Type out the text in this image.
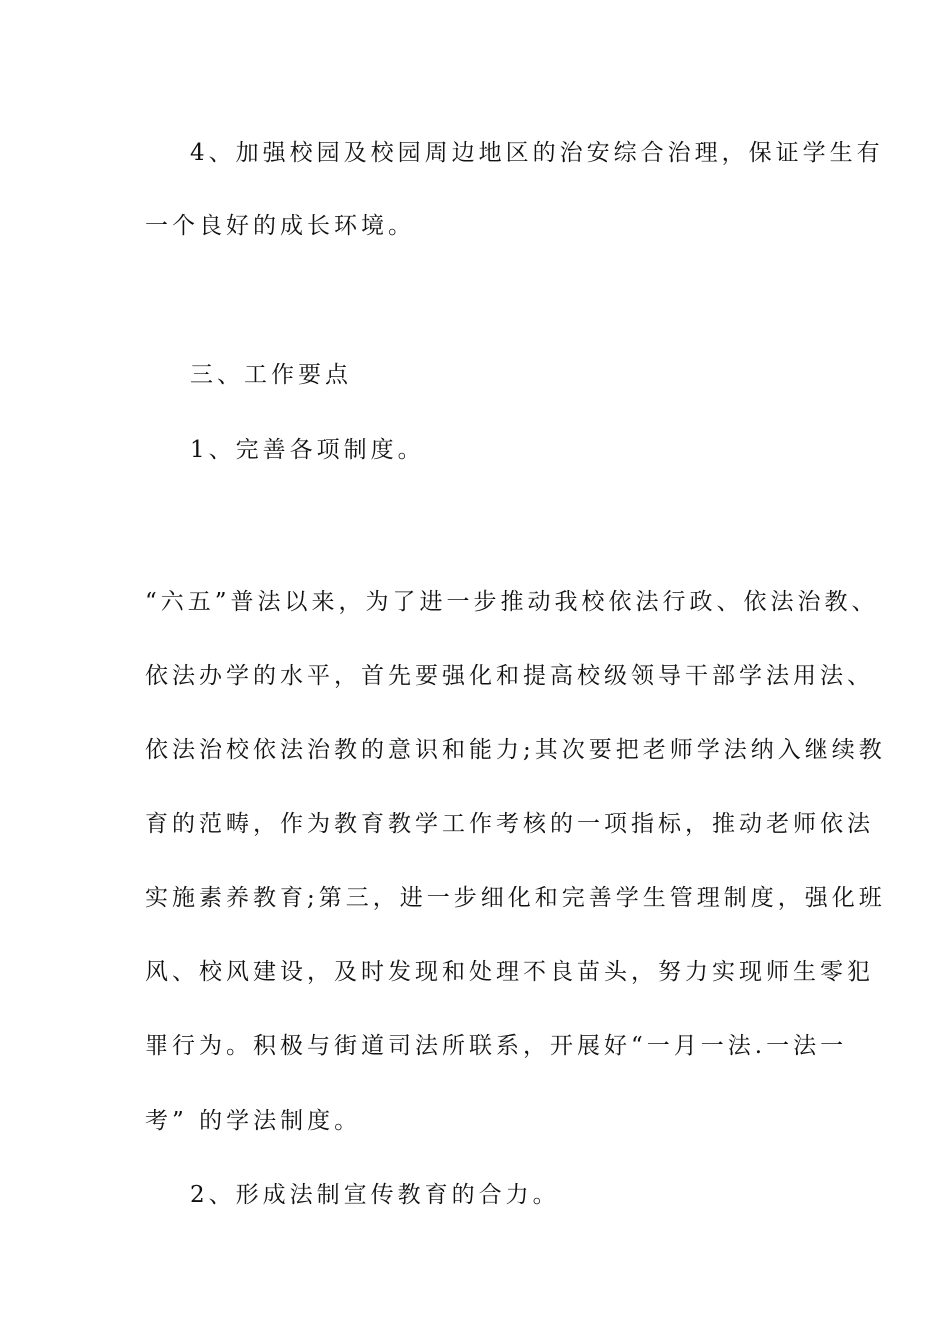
4、加强校园及校园周边地区的治安综合治理，保证学生有
一个良好的成长环境。
三、工作要点
1、完善各项制度。
“六五”普法以来，为了进一步推动我校依法行政、依法治教、
依法办学的水平，首先要强化和提高校级领导干部学法用法、
依法治校依法治教的意识和能力;其次要把老师学法纳入继续教
育的范畴，作为教育教学工作考核的一项指标，推动老师依法
实施素养教育;第三，进一步细化和完善学生管理制度，强化班
风、校风建设，及时发现和处理不良苗头，努力实现师生零犯
罪行为。积极与街道司法所联系，开展好“一月一法.一法一
考” 的学法制度。
2、形成法制宣传教育的合力。
